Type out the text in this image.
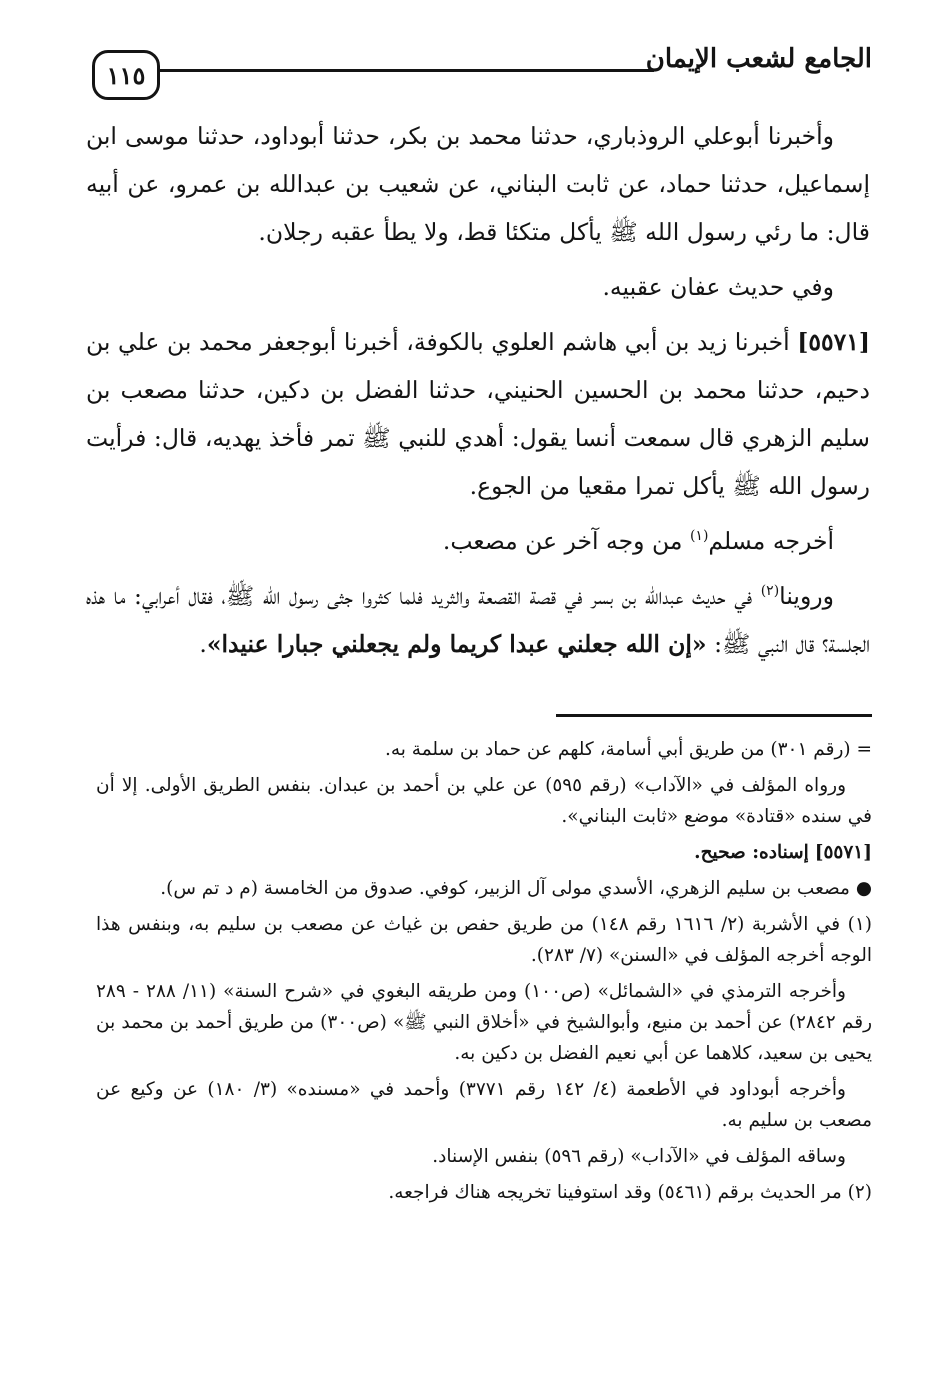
١١٥
الجامع لشعب الإيمان

وأخبرنا أبوعلي الروذباري، حدثنا محمد بن بكر، حدثنا أبوداود، حدثنا موسى ابن إسماعيل، حدثنا حماد، عن ثابت البناني، عن شعيب بن عبدالله بن عمرو، عن أبيه قال: ما رئي رسول الله ﷺ يأكل متكئا قط، ولا يطأ عقبه رجلان.

وفي حديث عفان عقبيه.

[٥٥٧١] أخبرنا زيد بن أبي هاشم العلوي بالكوفة، أخبرنا أبوجعفر محمد بن علي بن دحيم، حدثنا محمد بن الحسين الحنيني، حدثنا الفضل بن دكين، حدثنا مصعب بن سليم الزهري قال سمعت أنسا يقول: أهدي للنبي ﷺ تمر فأخذ يهديه، قال: فرأيت رسول الله ﷺ يأكل تمرا مقعيا من الجوع.

أخرجه مسلم$^{(١)}$ من وجه آخر عن مصعب.

وروينا$^{(٢)}$ في حديث عبدالله بن بسر في قصة القصعة والثريد فلما كثروا جثى رسول الله ﷺ، فقال أعرابي: ما هذه الجلسة؟ قال النبي ﷺ: «إن الله جعلني عبدا كريما ولم يجعلني جبارا عنيدا».

= (رقم ٣٠١) من طريق أبي أسامة، كلهم عن حماد بن سلمة به.

ورواه المؤلف في «الآداب» (رقم ٥٩٥) عن علي بن أحمد بن عبدان. بنفس الطريق الأولى. إلا أن في سنده «قتادة» موضع «ثابت البناني».

[٥٥٧١] إسناده: صحيح.

● مصعب بن سليم الزهري، الأسدي مولى آل الزبير، كوفي. صدوق من الخامسة (م د تم س).

(١) في الأشربة (٢/ ١٦١٦ رقم ١٤٨) من طريق حفص بن غياث عن مصعب بن سليم به، وبنفس هذا الوجه أخرجه المؤلف في «السنن» (٧/ ٢٨٣).

وأخرجه الترمذي في «الشمائل» (ص١٠٠) ومن طريقه البغوي في «شرح السنة» (١١/ ٢٨٨ - ٢٨٩ رقم ٢٨٤٢) عن أحمد بن منيع، وأبوالشيخ في «أخلاق النبي ﷺ» (ص٣٠٠) من طريق أحمد بن محمد بن يحيى بن سعيد، كلاهما عن أبي نعيم الفضل بن دكين به.

وأخرجه أبوداود في الأطعمة (٤/ ١٤٢ رقم ٣٧٧١) وأحمد في «مسنده» (٣/ ١٨٠) عن وكيع عن مصعب بن سليم به.

وساقه المؤلف في «الآداب» (رقم ٥٩٦) بنفس الإسناد.

(٢) مر الحديث برقم (٥٤٦١) وقد استوفينا تخريجه هناك فراجعه.
